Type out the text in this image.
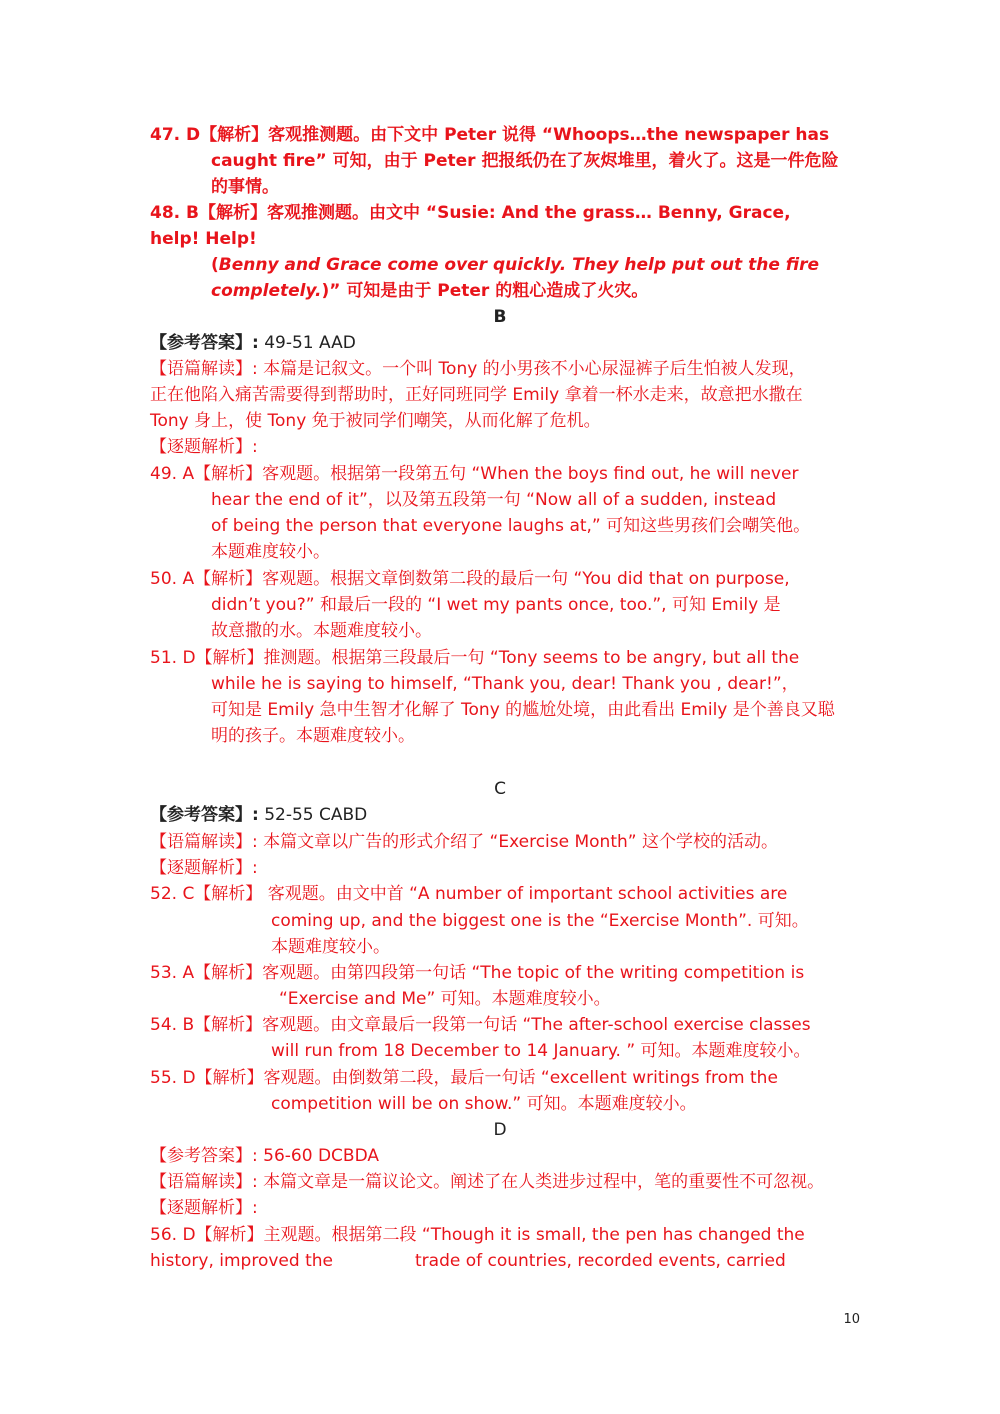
47. D【解析】客观推测题。由下文中 Peter 说得 “Whoops…the newspaper has
caught fire” 可知，由于 Peter 把报纸仍在了灰烬堆里，着火了。这是一件危险
的事情。
48. B【解析】客观推测题。由文中 “Susie: And the grass… Benny, Grace,
help! Help!
(Benny and Grace come over quickly. They help put out the fire
completely.)” 可知是由于 Peter 的粗心造成了火灾。
B
【参考答案】: 49-51 AAD
【语篇解读】: 本篇是记叙文。一个叫 Tony 的小男孩不小心尿湿裤子后生怕被人发现，
正在他陷入痛苦需要得到帮助时，正好同班同学 Emily 拿着一杯水走来，故意把水撒在
Tony 身上，使 Tony 免于被同学们嘲笑，从而化解了危机。
【逐题解析】:
49. A【解析】客观题。根据第一段第五句 “When the boys find out, he will never
hear the end of it”，以及第五段第一句 “Now all of a sudden, instead
of being the person that everyone laughs at,” 可知这些男孩们会嘲笑他。
本题难度较小。
50. A【解析】客观题。根据文章倒数第二段的最后一句 “You did that on purpose,
didn’t you?” 和最后一段的 “I wet my pants once, too.”, 可知 Emily 是
故意撒的水。本题难度较小。
51. D【解析】推测题。根据第三段最后一句 “Tony seems to be angry, but all the
while he is saying to himself, “Thank you, dear! Thank you , dear!”，
可知是 Emily 急中生智才化解了 Tony 的尴尬处境，由此看出 Emily 是个善良又聪
明的孩子。本题难度较小。
C
【参考答案】: 52-55 CABD
【语篇解读】: 本篇文章以广告的形式介绍了 “Exercise Month” 这个学校的活动。
【逐题解析】:
52. C【解析】 客观题。由文中首 “A number of important school activities are
coming up, and the biggest one is the “Exercise Month”. 可知。
本题难度较小。
53. A【解析】客观题。由第四段第一句话 “The topic of the writing competition is
“Exercise and Me” 可知。本题难度较小。
54. B【解析】客观题。由文章最后一段第一句话 “The after-school exercise classes
will run from 18 December to 14 January. ” 可知。本题难度较小。
55. D【解析】客观题。由倒数第二段，最后一句话 “excellent writings from the
competition will be on show.” 可知。本题难度较小。
D
【参考答案】: 56-60 DCBDA
【语篇解读】: 本篇文章是一篇议论文。阐述了在人类进步过程中，笔的重要性不可忽视。
【逐题解析】:
56. D【解析】主观题。根据第二段 “Though it is small, the pen has changed the
history, improved the	trade of countries, recorded events, carried
10
